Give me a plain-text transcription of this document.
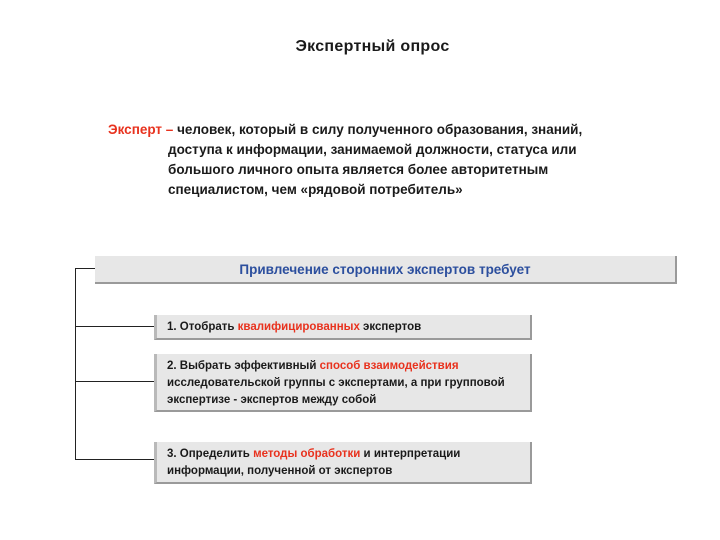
Экспертный опрос
Эксперт – человек, который в силу полученного образования, знаний,
доступа к информации, занимаемой должности, статуса или
большого личного опыта является более авторитетным
специалистом, чем «рядовой потребитель»
Привлечение сторонних экспертов требует
1. Отобрать квалифицированных экспертов
2. Выбрать эффективный способ взаимодействия исследовательской группы с экспертами, а при групповой экспертизе - экспертов между собой
3. Определить методы обработки и интерпретации информации, полученной от экспертов
